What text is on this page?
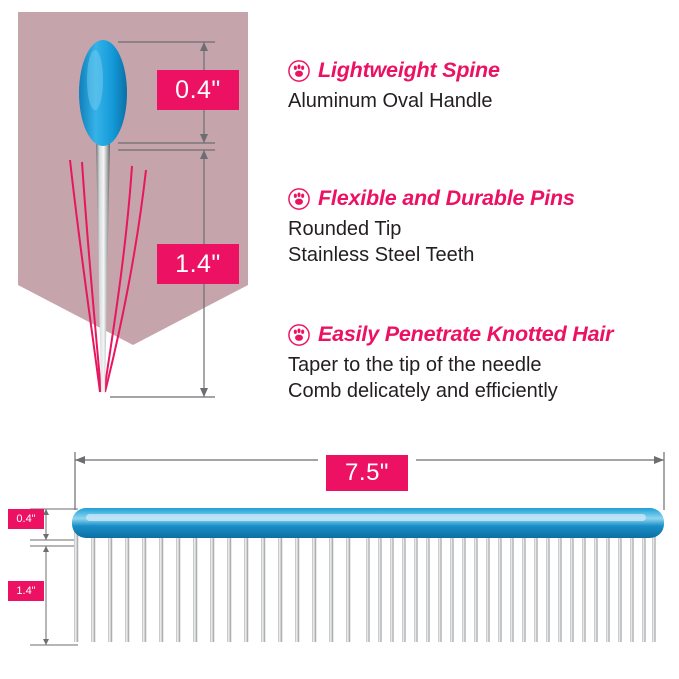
0.4"
1.4"
Lightweight Spine
Aluminum Oval Handle
Flexible and Durable Pins
Rounded Tip
Stainless Steel Teeth
Easily Penetrate Knotted Hair
Taper to the tip of the needle
Comb delicately and efficiently
7.5"
0.4"
1.4"
